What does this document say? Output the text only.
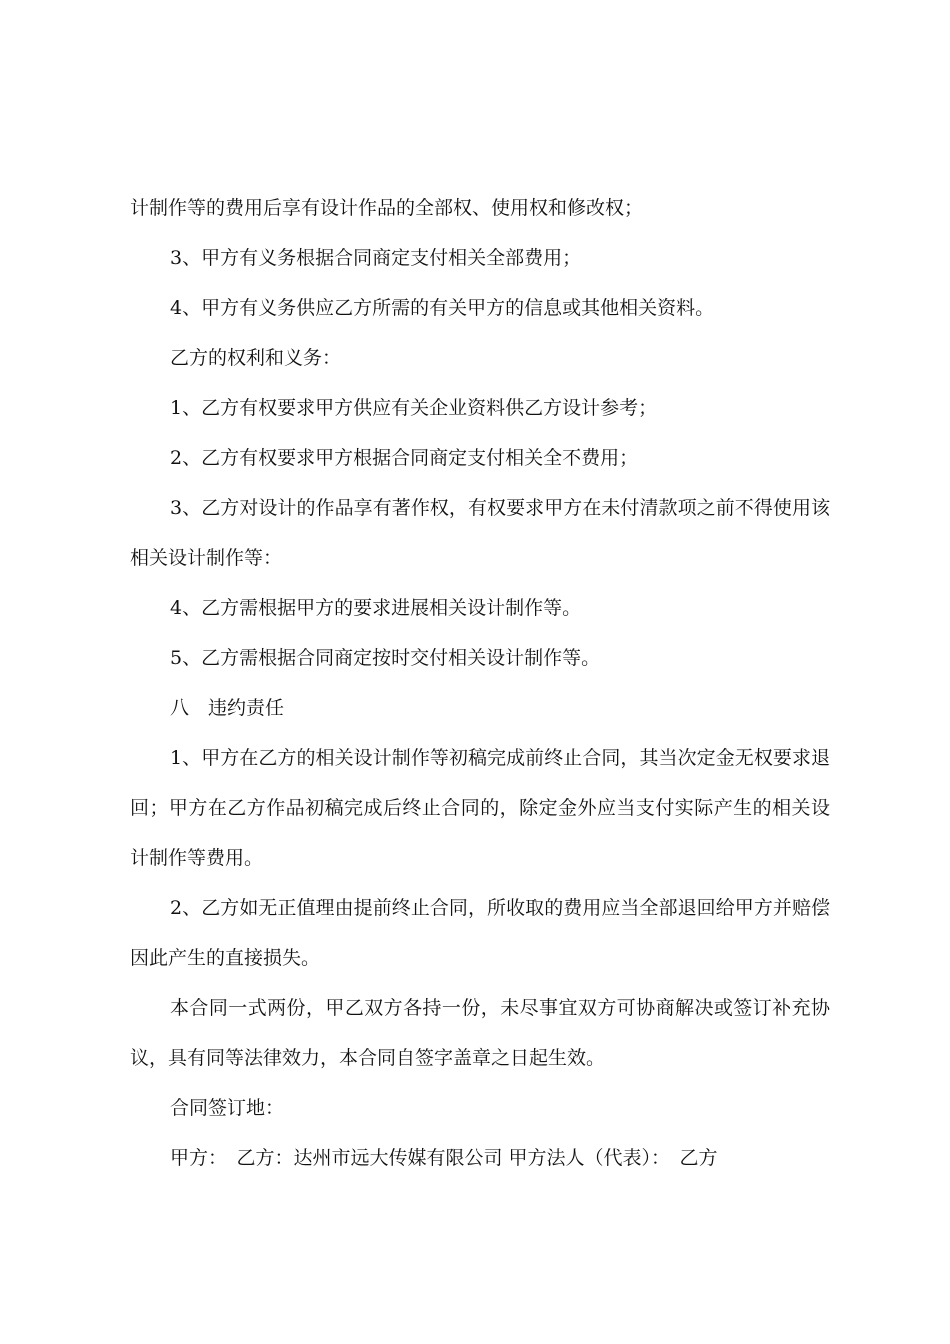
计制作等的费用后享有设计作品的全部权、使用权和修改权；

3、甲方有义务根据合同商定支付相关全部费用；

4、甲方有义务供应乙方所需的有关甲方的信息或其他相关资料。

乙方的权利和义务：

1、乙方有权要求甲方供应有关企业资料供乙方设计参考；

2、乙方有权要求甲方根据合同商定支付相关全不费用；

3、乙方对设计的作品享有著作权，有权要求甲方在未付清款项之前不得使用该相关设计制作等：

4、乙方需根据甲方的要求进展相关设计制作等。

5、乙方需根据合同商定按时交付相关设计制作等。

八　违约责任

1、甲方在乙方的相关设计制作等初稿完成前终止合同，其当次定金无权要求退回；甲方在乙方作品初稿完成后终止合同的，除定金外应当支付实际产生的相关设计制作等费用。

2、乙方如无正值理由提前终止合同，所收取的费用应当全部退回给甲方并赔偿因此产生的直接损失。

本合同一式两份，甲乙双方各持一份，未尽事宜双方可协商解决或签订补充协议，具有同等法律效力，本合同自签字盖章之日起生效。

合同签订地：

甲方：　乙方：达州市远大传媒有限公司 甲方法人（代表）：　乙方
